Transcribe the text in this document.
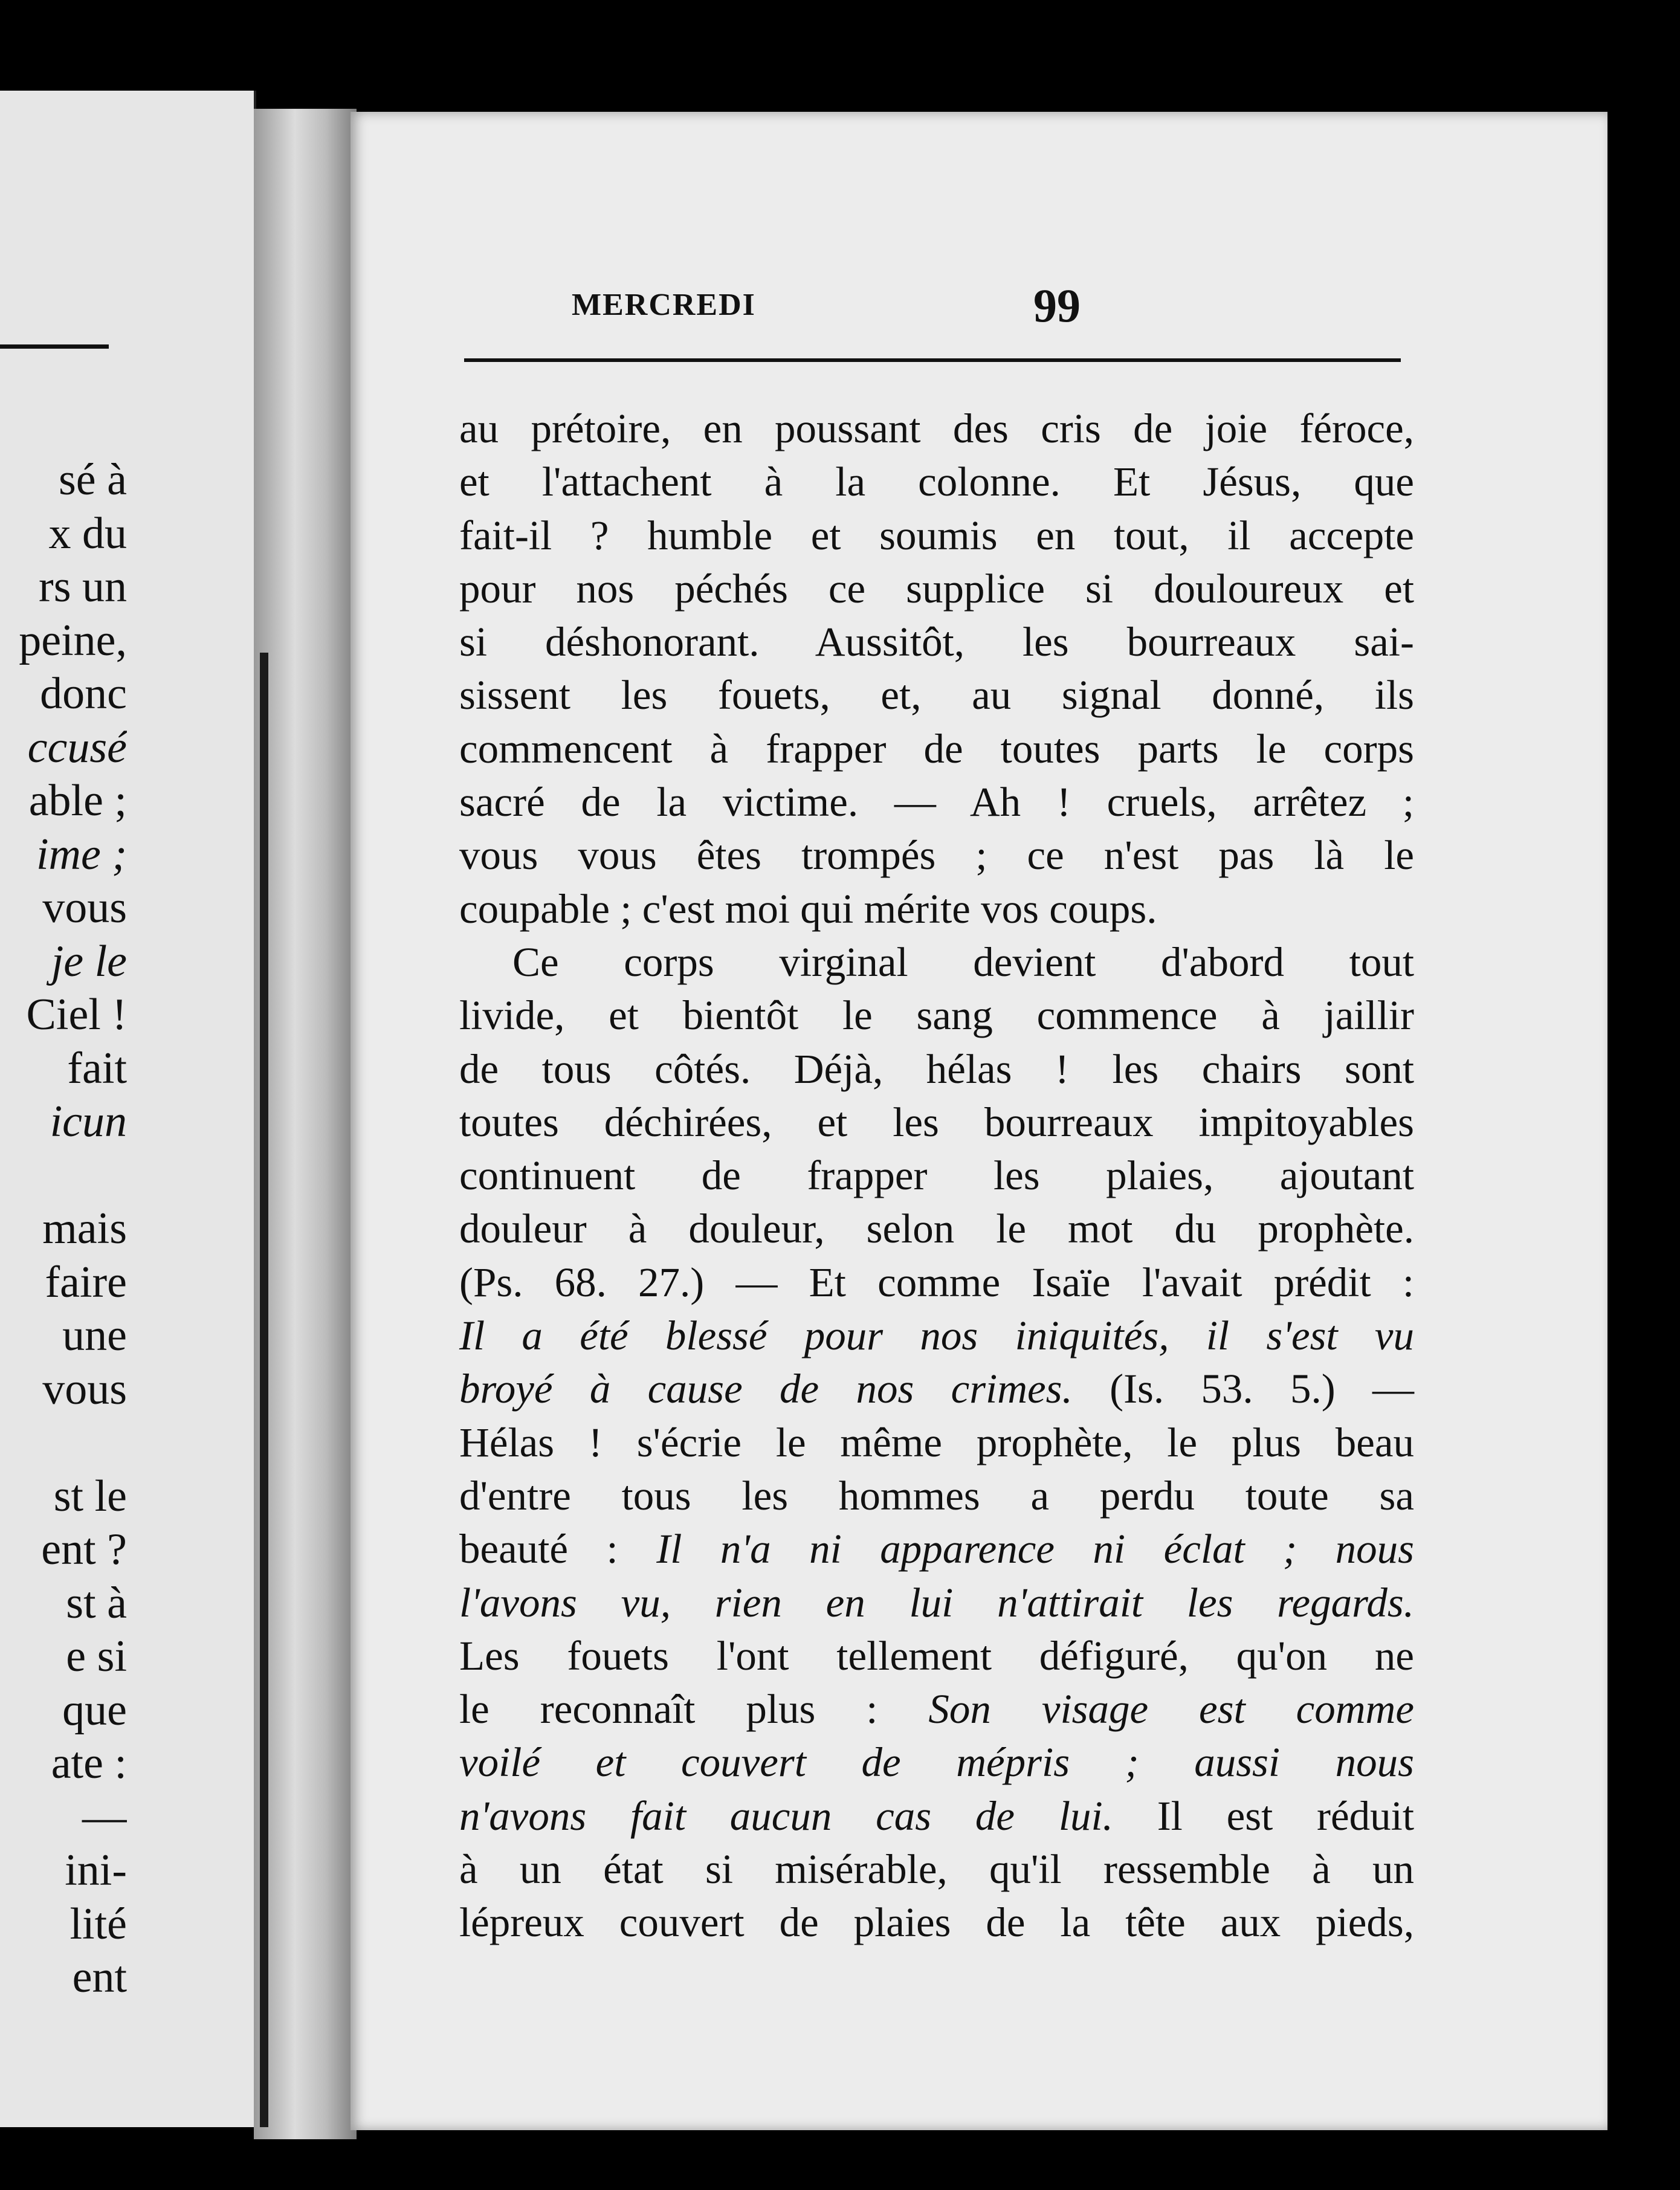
sé à
x du
rs un
peine,
donc
ccusé
able ;
ime ;
vous
je le
Ciel !
fait
icun
mais
faire
une
vous
st le
ent ?
st à
e si
que
ate :
—
ini-
lité
ent
MERCREDI	99
au prétoire, en poussant des cris de joie féroce,
et l'attachent à la colonne. Et Jésus, que
fait-il ? humble et soumis en tout, il accepte
pour nos péchés ce supplice si douloureux et
si déshonorant. Aussitôt, les bourreaux sai-
sissent les fouets, et, au signal donné, ils
commencent à frapper de toutes parts le corps
sacré de la victime. — Ah ! cruels, arrêtez ;
vous vous êtes trompés ; ce n'est pas là le
coupable ; c'est moi qui mérite vos coups.
Ce corps virginal devient d'abord tout
livide, et bientôt le sang commence à jaillir
de tous côtés. Déjà, hélas ! les chairs sont
toutes déchirées, et les bourreaux impitoyables
continuent de frapper les plaies, ajoutant
douleur à douleur, selon le mot du prophète.
(Ps. 68. 27.) — Et comme Isaïe l'avait prédit :
Il a été blessé pour nos iniquités, il s'est vu
broyé à cause de nos crimes. (Is. 53. 5.) —
Hélas ! s'écrie le même prophète, le plus beau
d'entre tous les hommes a perdu toute sa
beauté : Il n'a ni apparence ni éclat ; nous
l'avons vu, rien en lui n'attirait les regards.
Les fouets l'ont tellement défiguré, qu'on ne
le reconnaît plus : Son visage est comme
voilé et couvert de mépris ; aussi nous
n'avons fait aucun cas de lui. Il est réduit
à un état si misérable, qu'il ressemble à un
lépreux couvert de plaies de la tête aux pieds,
